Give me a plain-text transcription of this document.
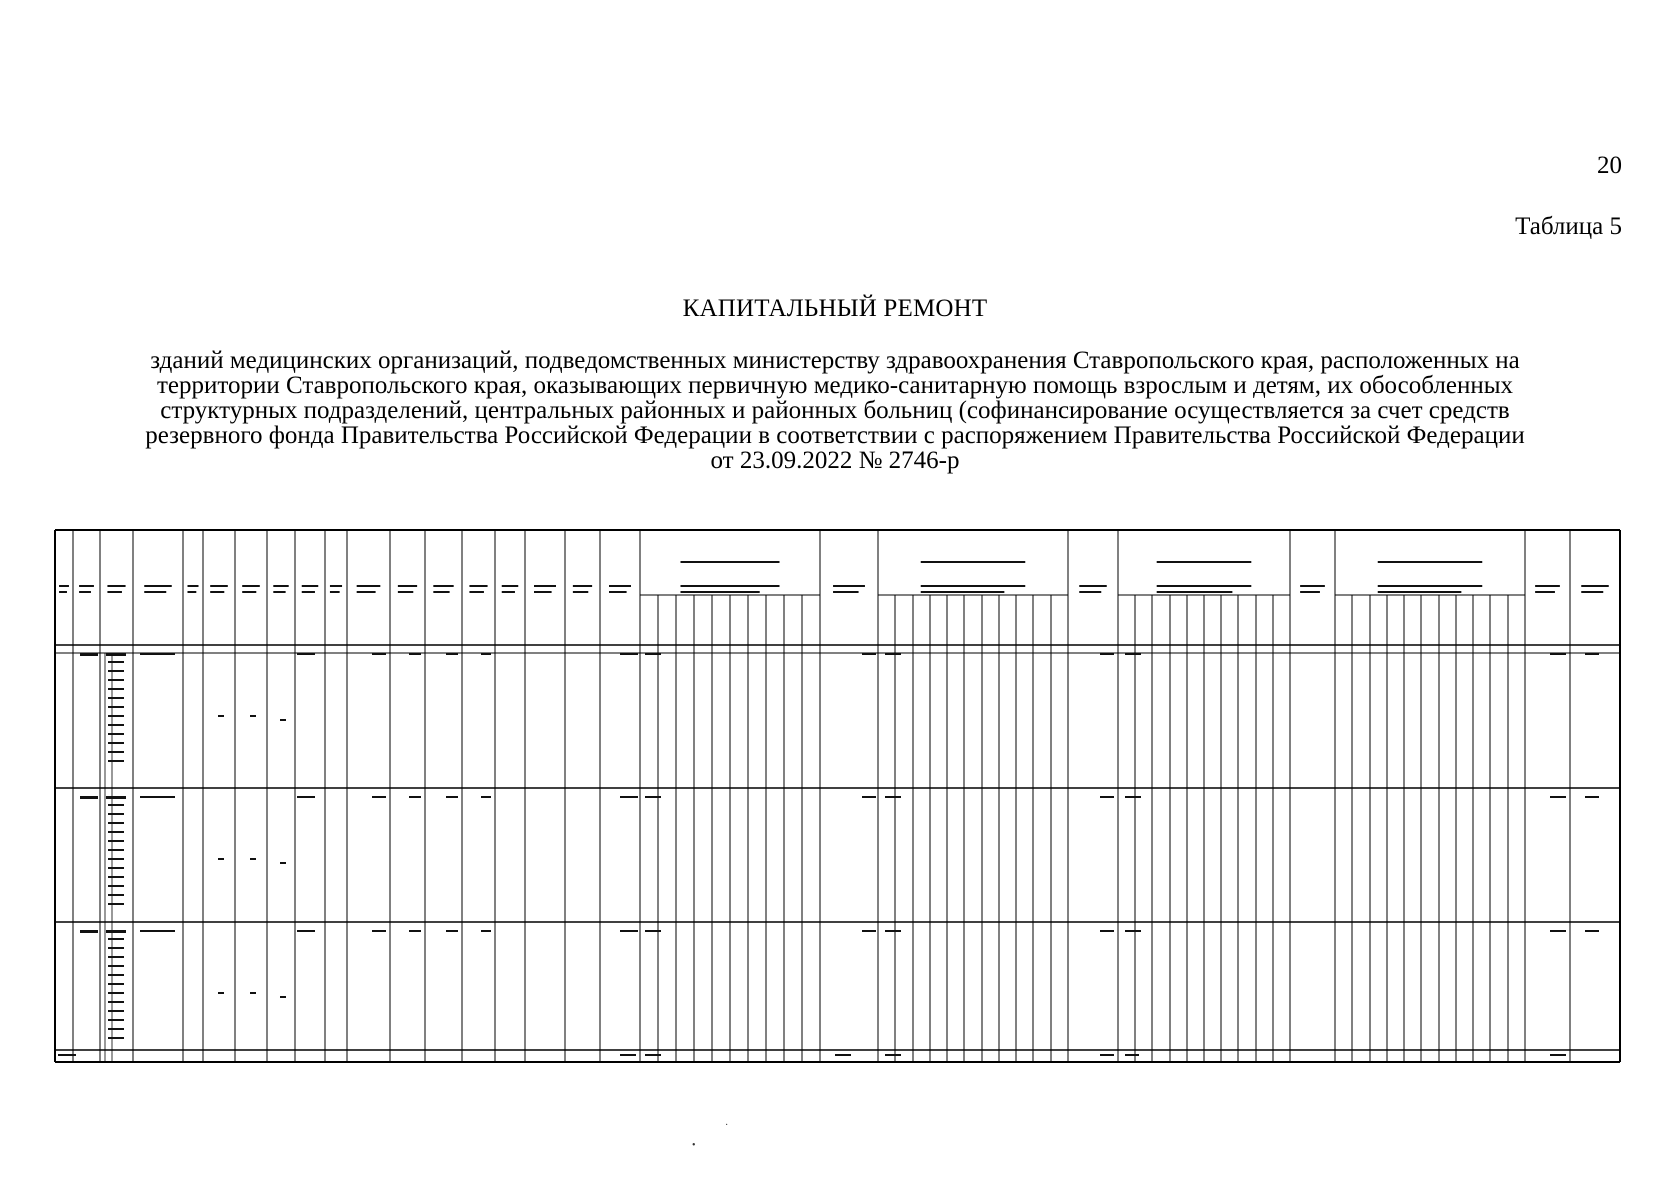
20
Таблица 5
КАПИТАЛЬНЫЙ РЕМОНТ
зданий медицинских организаций, подведомственных министерству здравоохранения Ставропольского края, расположенных на
территории Ставропольского края, оказывающих первичную медико-санитарную помощь взрослым и детям, их обособленных
структурных подразделений, центральных районных и районных больниц (софинансирование осуществляется за счет средств
резервного фонда Правительства Российской Федерации в соответствии с распоряжением Правительства Российской Федерации
от 23.09.2022 № 2746-р
·
•
